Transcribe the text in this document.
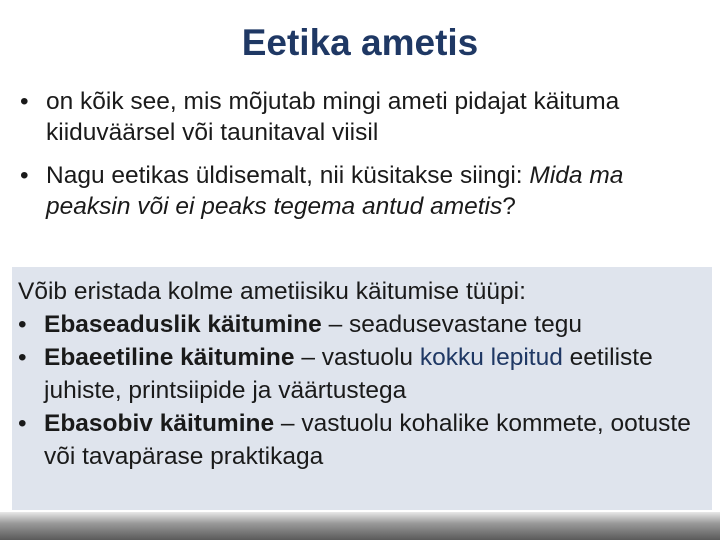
Eetika ametis
• on kõik see, mis mõjutab mingi ameti pidajat käituma kiiduväärsel või taunitaval viisil
• Nagu eetikas üldisemalt, nii küsitakse siingi: Mida ma peaksin või ei peaks tegema antud ametis?
Võib eristada kolme ametiisiku käitumise tüüpi:
• Ebaseaduslik käitumine – seadusevastane tegu
• Ebaeetiline käitumine – vastuolu kokku lepitud eetiliste juhiste, printsiipide ja väärtustega
• Ebasobiv käitumine – vastuolu kohalike kommete, ootuste või tavapärase praktikaga
